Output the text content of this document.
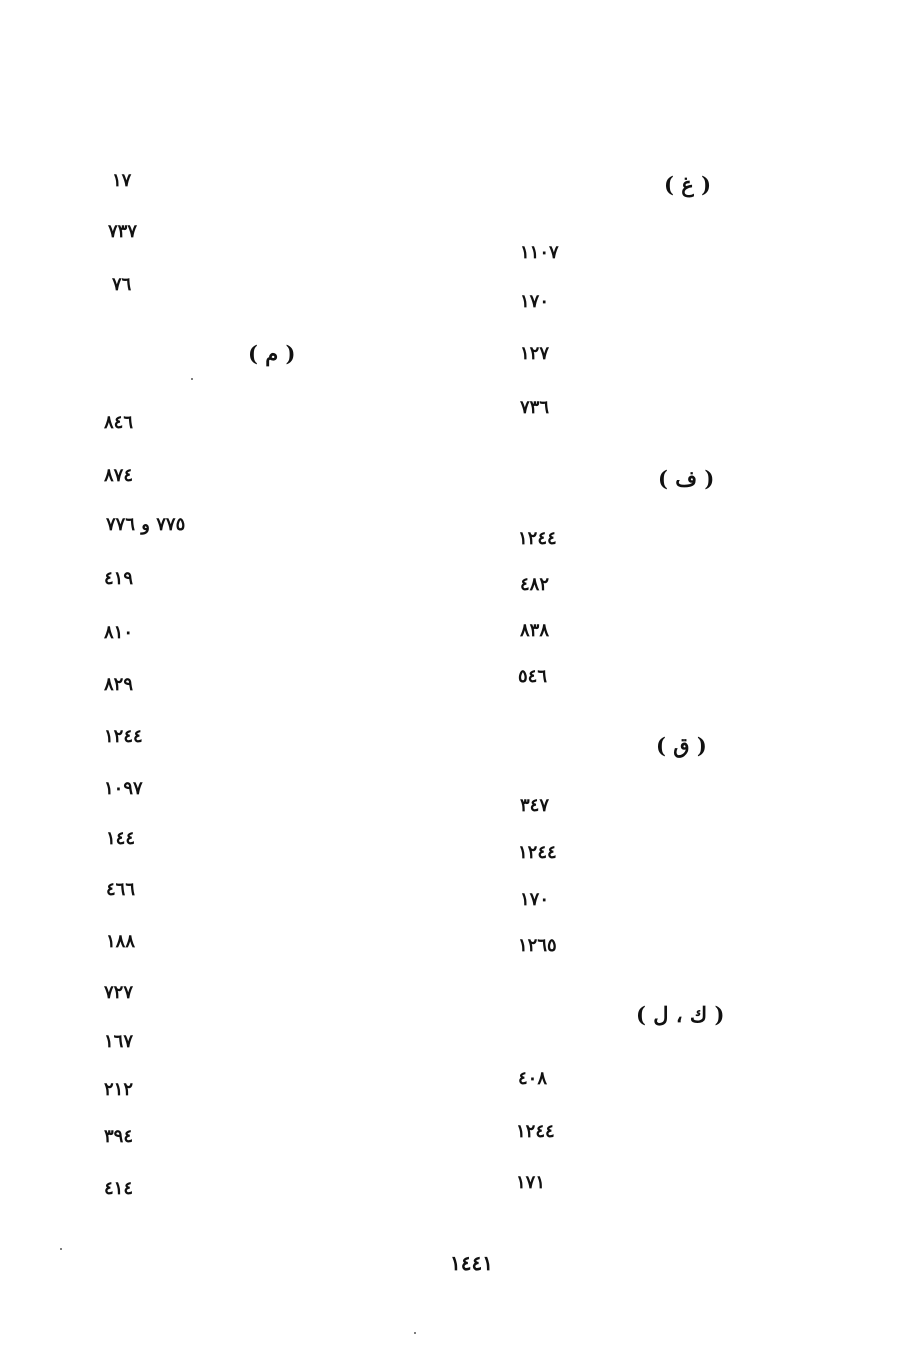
( غ )
١١٠٧
١٧٠
١٢٧
٧٣٦
( ف )
١٢٤٤
٤٨٢
٨٣٨
٥٤٦
( ق )
٣٤٧
١٢٤٤
١٧٠
١٢٦٥
( ك ، ل )
٤٠٨
١٢٤٤
١٧١
١٧
٧٣٧
٧٦
( م )
٨٤٦
٨٧٤
٧٧٥ و ٧٧٦
٤١٩
٨١٠
٨٢٩
١٢٤٤
١٠٩٧
١٤٤
٤٦٦
١٨٨
٧٢٧
١٦٧
٢١٢
٣٩٤
٤١٤
١٤٤١
